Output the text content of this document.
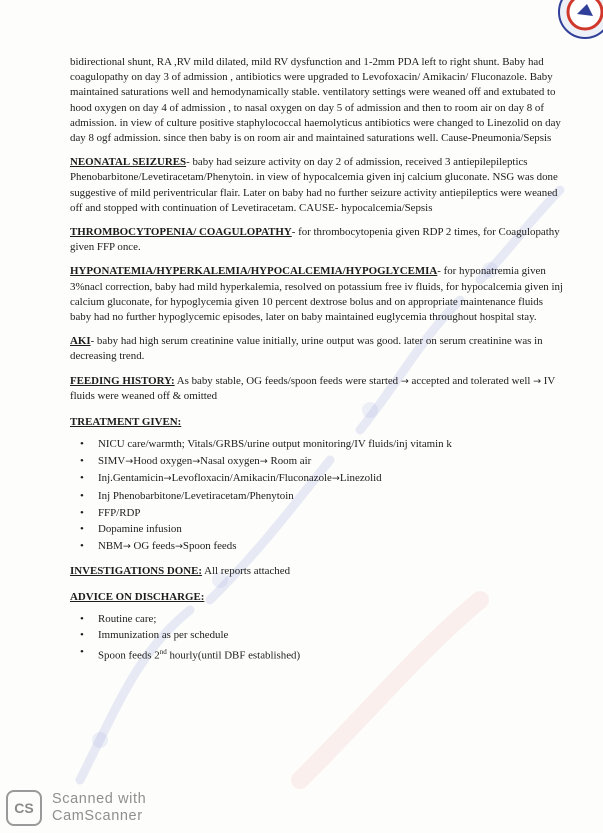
bidirectional shunt, RA ,RV mild dilated, mild RV dysfunction and 1-2mm PDA left to right shunt. Baby had coagulopathy on day 3 of admission , antibiotics were upgraded to Levofoxacin/ Amikacin/ Fluconazole. Baby maintained saturations well and hemodynamically stable. ventilatory settings were weaned off and extubated to hood oxygen on day 4 of admission , to nasal oxygen on day 5 of admission and then to room air on day 8 of admission. in view of culture positive staphylococcal haemolyticus antibiotics were changed to Linezolid on day day 8 ogf admission. since then baby is on room air and maintained saturations well. Cause-Pneumonia/Sepsis

NEONATAL SEIZURES- baby had seizure activity on day 2 of admission, received 3 antiepilepileptics Phenobarbitone/Levetiracetam/Phenytoin. in view of hypocalcemia given inj calcium gluconate. NSG was done suggestive of mild periventricular flair. Later on baby had no further seizure activity antiepileptics were weaned off and stopped with continuation of Levetiracetam. CAUSE- hypocalcemia/Sepsis

THROMBOCYTOPENIA/ COAGULOPATHY- for thrombocytopenia given RDP 2 times, for Coagulopathy given FFP once.

HYPONATEMIA/HYPERKALEMIA/HYPOCALCEMIA/HYPOGLYCEMIA- for hyponatremia given 3%nacl correction, baby had mild hyperkalemia, resolved on potassium free iv fluids, for hypocalcemia given inj calcium gluconate, for hypoglycemia given 10 percent dextrose bolus and on appropriate maintenance fluids baby had no further hypoglycemic episodes, later on baby maintained euglycemia throughout hospital stay.

AKI- baby had high serum creatinine value initially, urine output was good. later on serum creatinine was in decreasing trend.

FEEDING HISTORY: As baby stable, OG feeds/spoon feeds were started → accepted and tolerated well → IV fluids were weaned off & omitted

TREATMENT GIVEN:
• NICU care/warmth; Vitals/GRBS/urine output monitoring/IV fluids/inj vitamin k
• SIMV→Hood oxygen→Nasal oxygen→ Room air
• Inj.Gentamicin→Levofloxacin/Amikacin/Fluconazole→Linezolid
• Inj Phenobarbitone/Levetiracetam/Phenytoin
• FFP/RDP
• Dopamine infusion
• NBM→ OG feeds→Spoon feeds

INVESTIGATIONS DONE: All reports attached

ADVICE ON DISCHARGE:
• Routine care;
• Immunization as per schedule
• Spoon feeds 2nd hourly(until DBF established)
CS
Scanned with
CamScanner
